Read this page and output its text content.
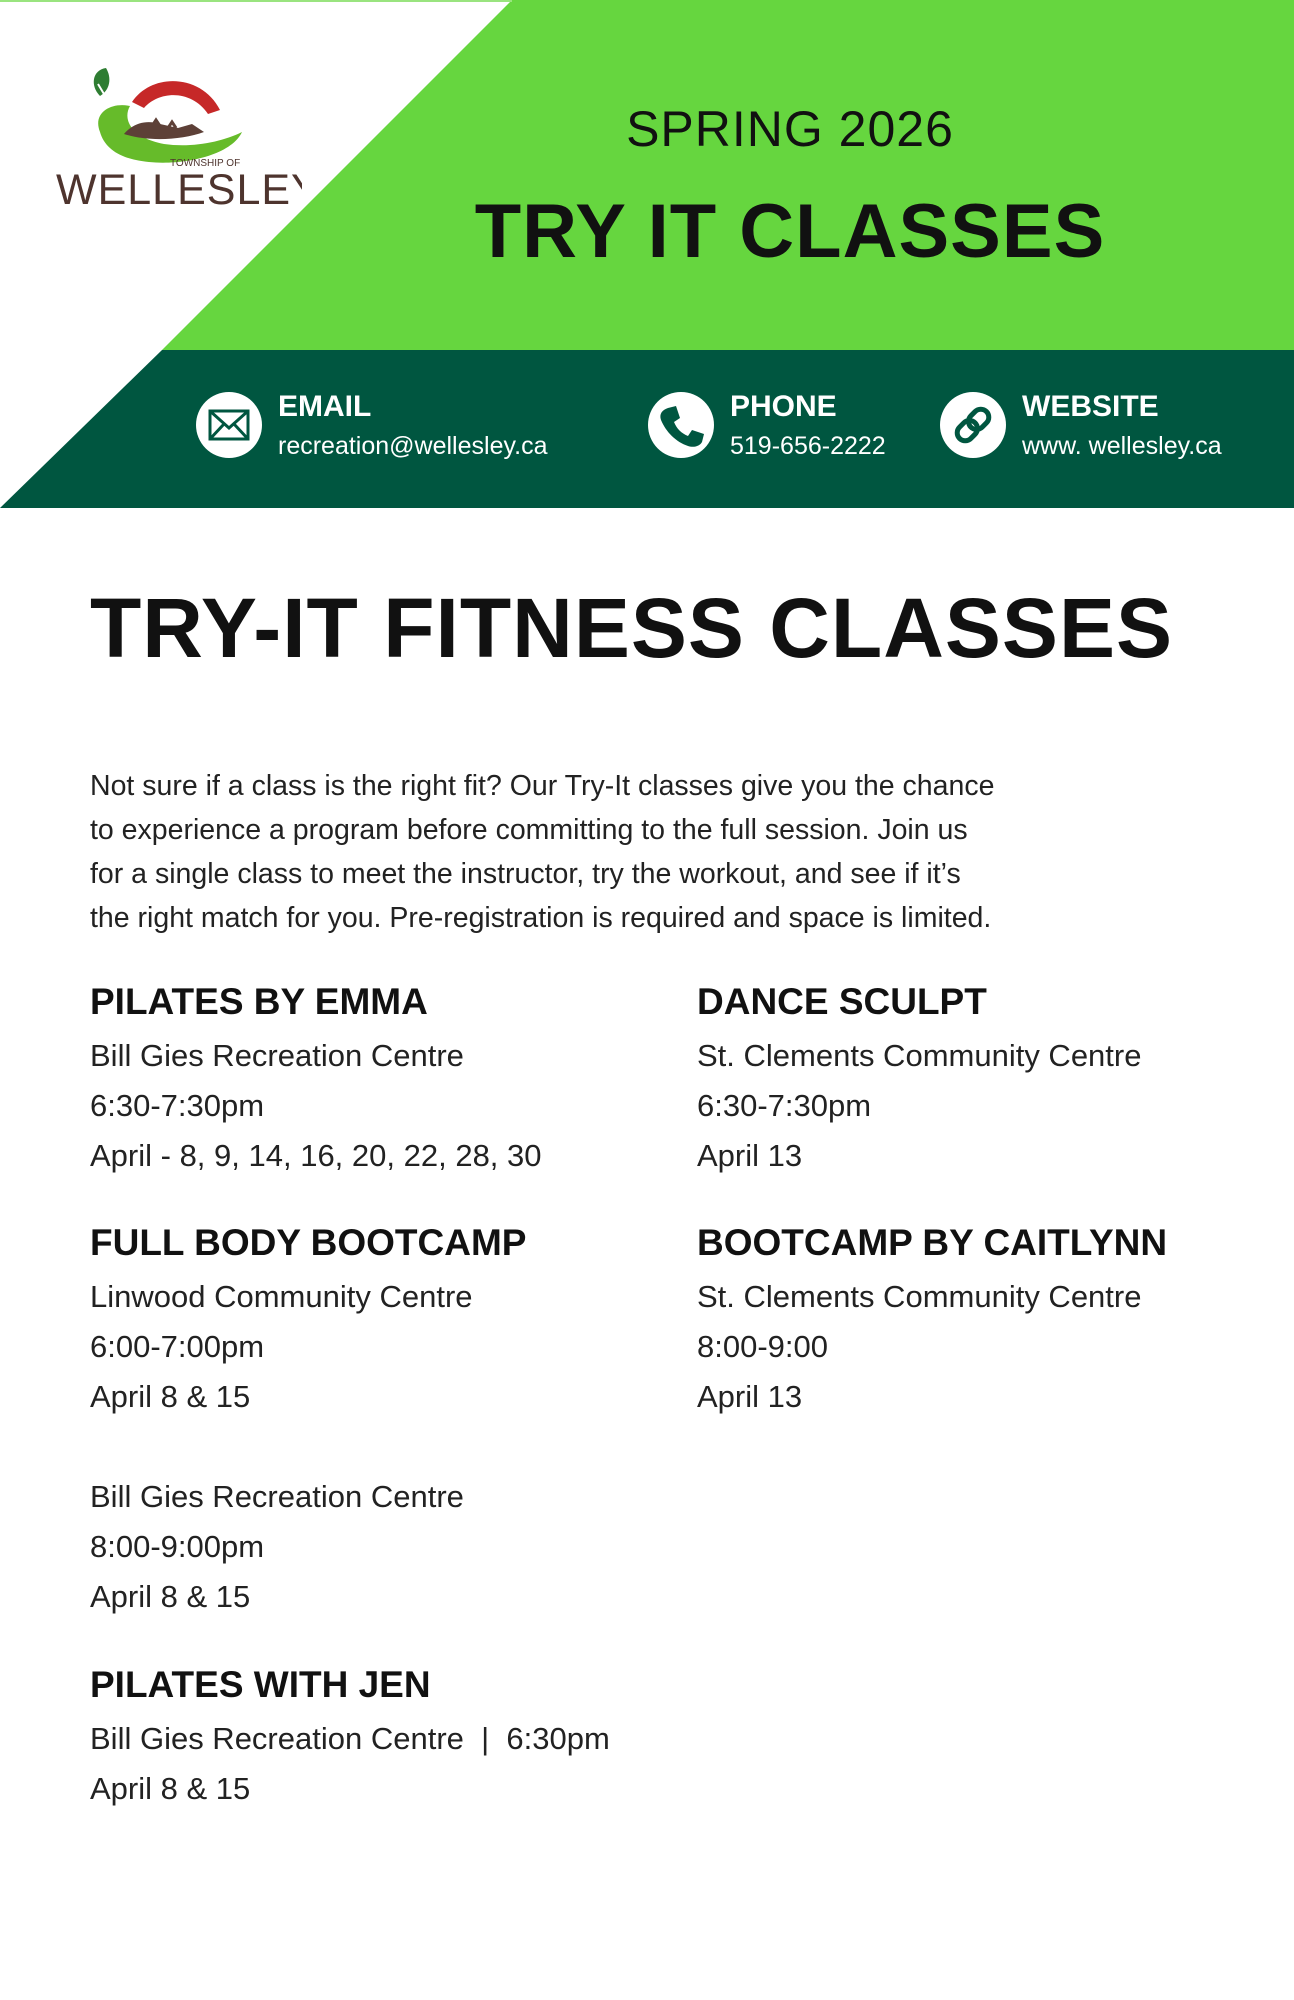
TOWNSHIP OF
WELLESLEY
SPRING 2026
TRY IT CLASSES
EMAIL
recreation@wellesley.ca
PHONE
519-656-2222
WEBSITE
www. wellesley.ca
TRY-IT FITNESS CLASSES

Not sure if a class is the right fit? Our Try-It classes give you the chance

to experience a program before committing to the full session. Join us

for a single class to meet the instructor, try the workout, and see if it’s

the right match for you. Pre-registration is required and space is limited.

PILATES BY EMMA
Bill Gies Recreation Centre
6:30-7:30pm
April - 8, 9, 14, 16, 20, 22, 28, 30
DANCE SCULPT
St. Clements Community Centre
6:30-7:30pm
April 13
FULL BODY BOOTCAMP
Linwood Community Centre
6:00-7:00pm
April 8 & 15
Bill Gies Recreation Centre
8:00-9:00pm
April 8 & 15
BOOTCAMP BY CAITLYNN
St. Clements Community Centre
8:00-9:00
April 13
PILATES WITH JEN
Bill Gies Recreation Centre  |  6:30pm
April 8 & 15
